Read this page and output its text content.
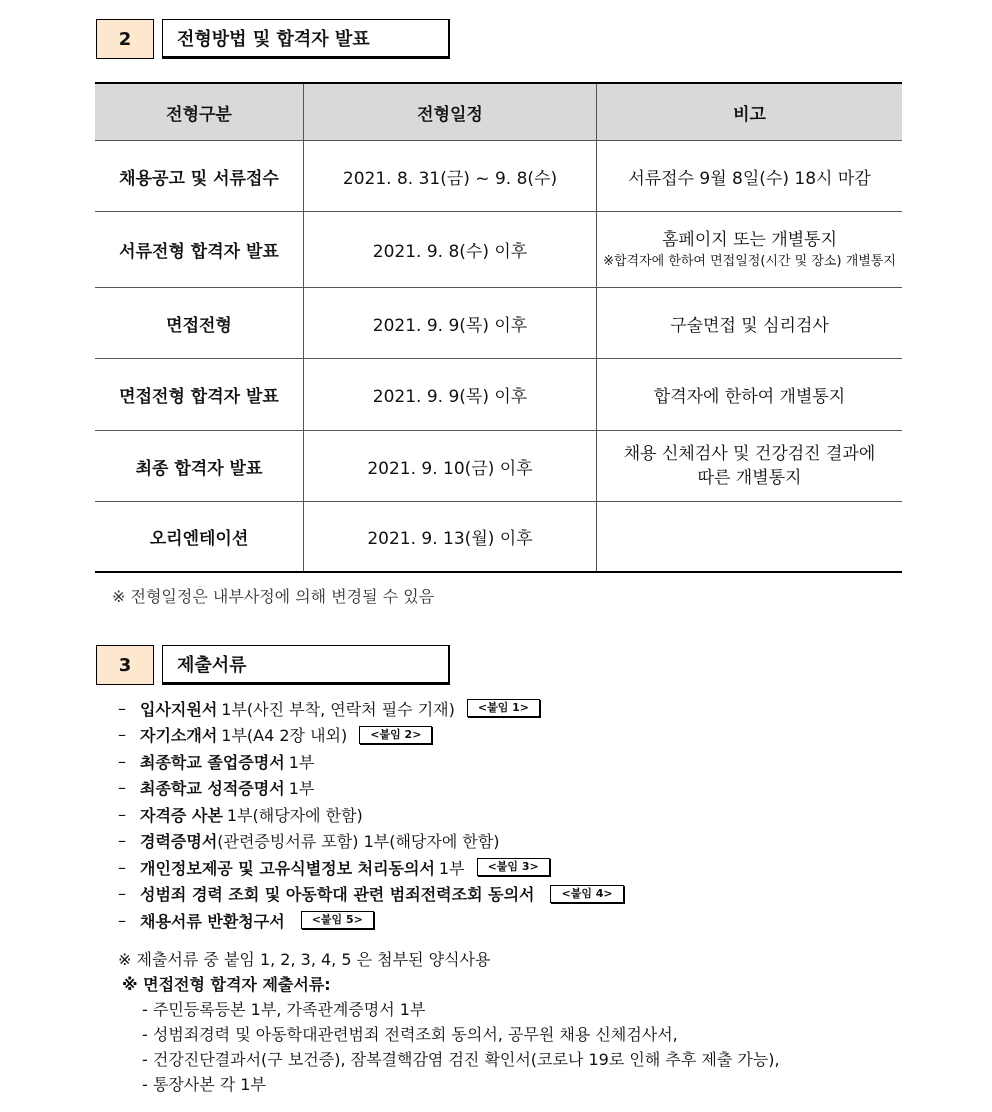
2	전형방법 및 합격자 발표
전형구분	전형일정	비고
채용공고 및 서류접수	2021. 8. 31(금) ~ 9. 8(수)	서류접수 9월 8일(수) 18시 마감
서류전형 합격자 발표	2021. 9. 8(수) 이후	홈페이지 또는 개별통지
※합격자에 한하여 면접일정(시간 및 장소) 개별통지

면접전형	2021. 9. 9(목) 이후	구술면접 및 심리검사
면접전형 합격자 발표	2021. 9. 9(목) 이후	합격자에 한하여 개별통지
최종 합격자 발표	2021. 9. 10(금) 이후	채용 신체검사 및 건강검진 결과에 따른 개별통지
오리엔테이션	2021. 9. 13(월) 이후	
※ 전형일정은 내부사정에 의해 변경될 수 있음
3	제출서류
– 입사지원서 1부(사진 부착, 연락처 필수 기재)	<붙임 1>
– 자기소개서 1부(A4 2장 내외)	<붙임 2>
– 최종학교 졸업증명서 1부
– 최종학교 성적증명서 1부
– 자격증 사본 1부(해당자에 한함)
– 경력증명서 (관련증빙서류 포함) 1부(해당자에 한함)
– 개인정보제공 및 고유식별정보 처리동의서 1부	<붙임 3>
– 성범죄 경력 조회 및 아동학대 관련 범죄전력조회 동의서	<붙임 4>
– 채용서류 반환청구서	<붙임 5>
※ 제출서류 중 붙임 1, 2, 3, 4, 5 은 첨부된 양식사용
※ 면접전형 합격자 제출서류:
- 주민등록등본 1부, 가족관계증명서 1부
- 성범죄경력 및 아동학대관련범죄 전력조회 동의서, 공무원 채용 신체검사서,
- 건강진단결과서(구 보건증), 잠복결핵감염 검진 확인서(코로나 19로 인해 추후 제출 가능),
- 통장사본 각 1부
